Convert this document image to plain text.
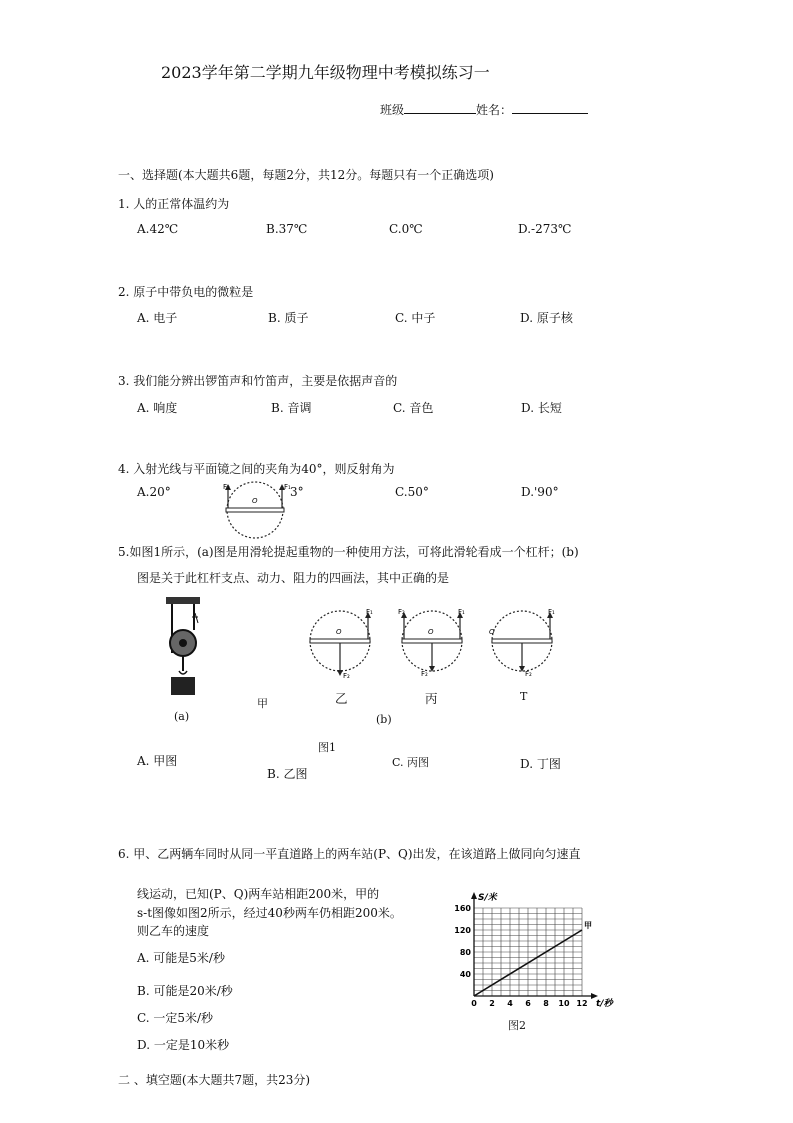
2023学年第二学期九年级物理中考模拟练习一
班级	姓名：
一、选择题(本大题共6题，每题2分，共12分。每题只有一个正确选项)
1. 人的正常体温约为
A.42℃	B.37℃	C.0℃	D.-273℃
2. 原子中带负电的微粒是
A. 电子	B. 质子	C. 中子	D. 原子核
3. 我们能分辨出锣笛声和竹笛声，主要是依据声音的
A. 响度	B. 音调	C. 音色	D. 长短
4. 入射光线与平面镜之间的夹角为40°，则反射角为
A.20°	3°	C.50°	D.'90°
F₂	F₁
O
5.如图1所示，(a)图是用滑轮提起重物的一种使用方法，可将此滑轮看成一个杠杆；(b)
图是关于此杠杆支点、动力、阻力的四画法，其中正确的是
(a)
甲
O
F₁
F₂
O
F₂	F₁
F₂
O
F₁
F₂
乙	丙	T
(b)
图1
A. 甲图
B. 乙图
C. 丙图	D. 丁图
6. 甲、乙两辆车同时从同一平直道路上的两车站(P、Q)出发，在该道路上做同向匀速直
线运动，已知(P、Q)两车站相距200米，甲的
s-t图像如图2所示，经过40秒两车仍相距200米。
则乙车的速度
A. 可能是5米/秒
B. 可能是20米/秒
C. 一定5米/秒
D. 一定是10米秒
0 2 4 6 8 10 12
40
80
120
160
甲
S/米
t/秒
图2
二 、填空题(本大题共7题，共23分)
